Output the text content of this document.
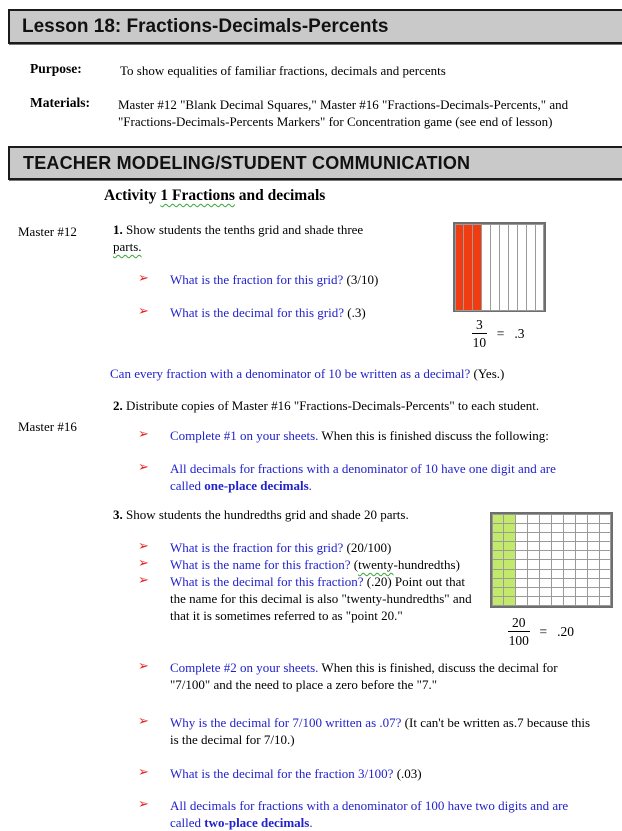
Lesson 18: Fractions-Decimals-Percents
Purpose:	To show equalities of familiar fractions, decimals and percents
Materials: Master #12 "Blank Decimal Squares," Master #16 "Fractions-Decimals-Percents," and "Fractions-Decimals-Percents Markers" for Concentration game (see end of lesson)
TEACHER MODELING/STUDENT COMMUNICATION
Activity 1 Fractions and decimals
Master #12
Master #16
1. Show students the tenths grid and shade three parts.
➢ What is the fraction for this grid? (3/10)
➢ What is the decimal for this grid? (.3)
$\frac{3}{10} = .3$
Can every fraction with a denominator of 10 be written as a decimal? (Yes.)
2. Distribute copies of Master #16 "Fractions-Decimals-Percents" to each student.
➢ Complete #1 on your sheets. When this is finished discuss the following:
➢ All decimals for fractions with a denominator of 10 have one digit and are called one-place decimals.
3. Show students the hundredths grid and shade 20 parts.
➢ What is the fraction for this grid? (20/100)
➢ What is the name for this fraction? (twenty-hundredths)
➢ What is the decimal for this fraction? (.20) Point out that the name for this decimal is also "twenty-hundredths" and that it is sometimes referred to as "point 20."	$\frac{20}{100} = .20$
➢ Complete #2 on your sheets. When this is finished, discuss the decimal for "7/100" and the need to place a zero before the "7."
➢ Why is the decimal for 7/100 written as .07? (It can't be written as.7 because this is the decimal for 7/10.)
➢ What is the decimal for the fraction 3/100? (.03)
➢ All decimals for fractions with a denominator of 100 have two digits and are called two-place decimals.
